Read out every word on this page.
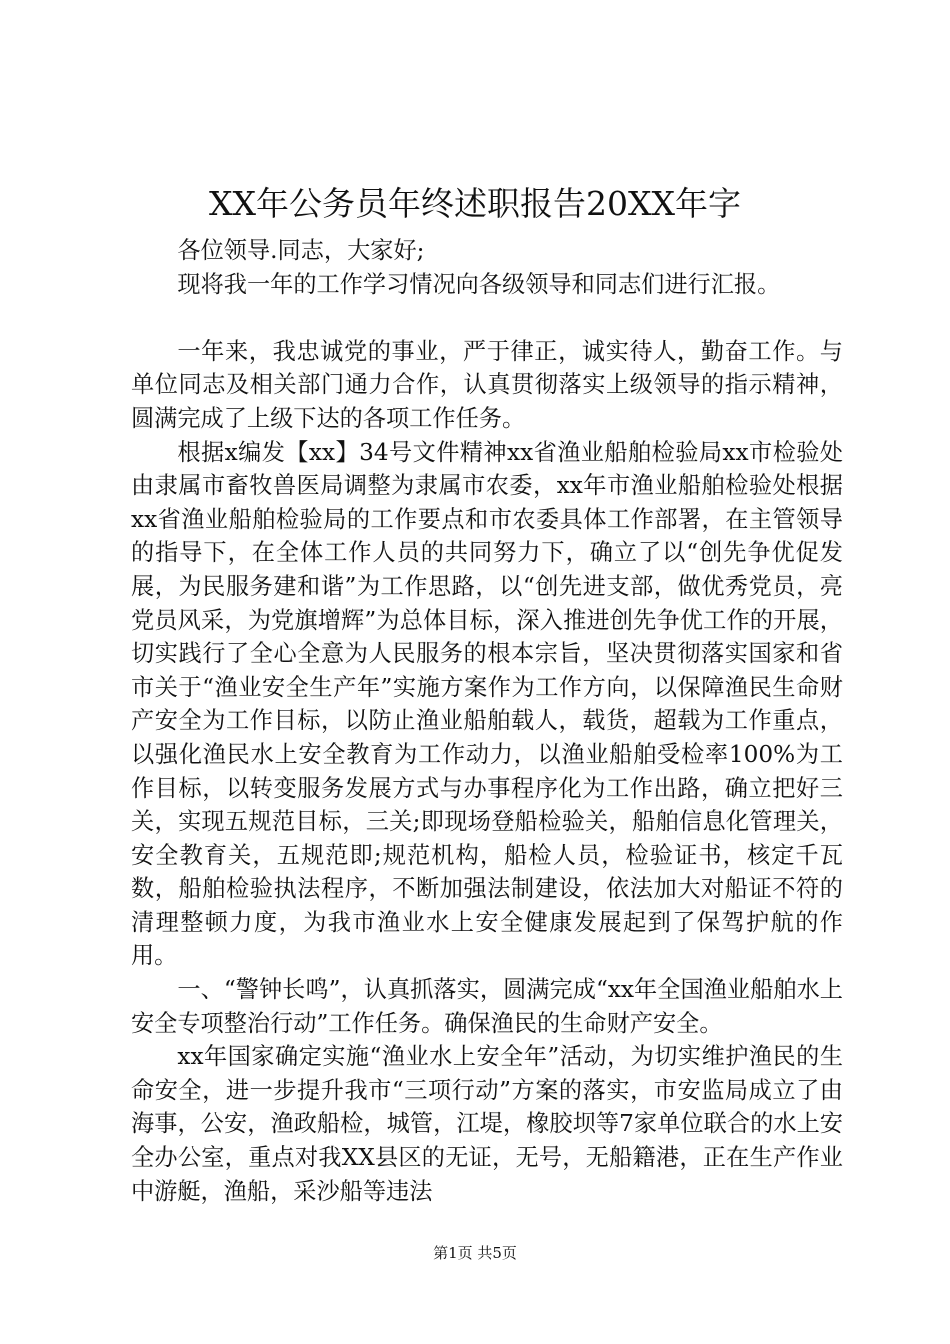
XX年公务员年终述职报告20XX年字

各位领导.同志，大家好;

现将我一年的工作学习情况向各级领导和同志们进行汇报。

一年来，我忠诚党的事业，严于律正，诚实待人，勤奋工作。与单位同志及相关部门通力合作，认真贯彻落实上级领导的指示精神，圆满完成了上级下达的各项工作任务。

根据x编发【xx】34号文件精神xx省渔业船舶检验局xx市检验处由隶属市畜牧兽医局调整为隶属市农委，xx年市渔业船舶检验处根据xx省渔业船舶检验局的工作要点和市农委具体工作部署，在主管领导的指导下，在全体工作人员的共同努力下，确立了以“创先争优促发展，为民服务建和谐”为工作思路，以“创先进支部，做优秀党员，亮党员风采，为党旗增辉”为总体目标，深入推进创先争优工作的开展，切实践行了全心全意为人民服务的根本宗旨，坚决贯彻落实国家和省市关于“渔业安全生产年”实施方案作为工作方向，以保障渔民生命财产安全为工作目标，以防止渔业船舶载人，载货，超载为工作重点，以强化渔民水上安全教育为工作动力，以渔业船舶受检率100%为工作目标，以转变服务发展方式与办事程序化为工作出路，确立把好三关，实现五规范目标，三关;即现场登船检验关，船舶信息化管理关，安全教育关，五规范即;规范机构，船检人员，检验证书，核定千瓦数，船舶检验执法程序，不断加强法制建设，依法加大对船证不符的清理整顿力度，为我市渔业水上安全健康发展起到了保驾护航的作用。

一、“警钟长鸣”，认真抓落实，圆满完成“xx年全国渔业船舶水上安全专项整治行动”工作任务。确保渔民的生命财产安全。

xx年国家确定实施“渔业水上安全年”活动，为切实维护渔民的生命安全，进一步提升我市“三项行动”方案的落实，市安监局成立了由海事，公安，渔政船检，城管，江堤，橡胶坝等7家单位联合的水上安全办公室，重点对我XX县区的无证，无号，无船籍港，正在生产作业中游艇，渔船，采沙船等违法

第1页 共5页
